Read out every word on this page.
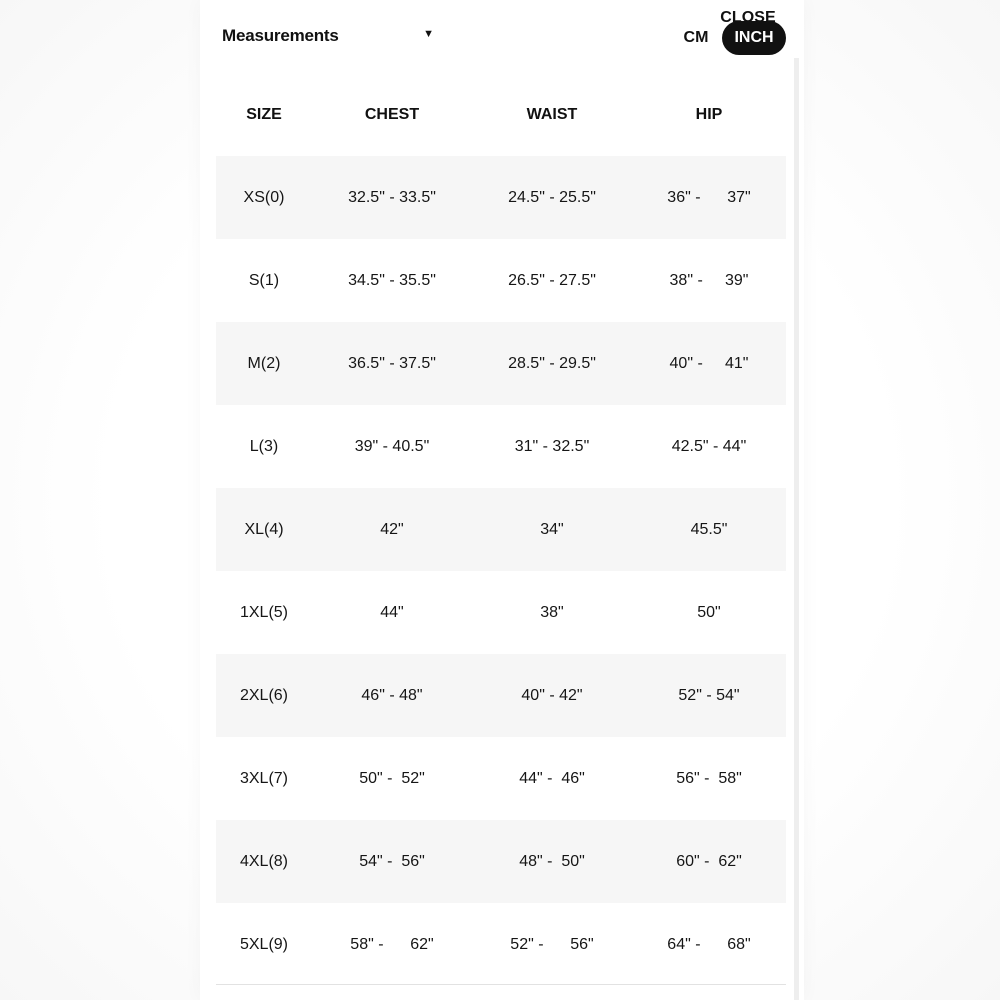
Measurements	▼	CM	INCH
CLOSE
SIZE	CHEST	WAIST	HIP
XS(0)	32.5" - 33.5"	24.5" - 25.5"	36" -      37"
S(1)	34.5" - 35.5"	26.5" - 27.5"	38" -     39"
M(2)	36.5" - 37.5"	28.5" - 29.5"	40" -     41"
L(3)	39" - 40.5"	31" - 32.5"	42.5" - 44"
XL(4)	42"	34"	45.5"
1XL(5)	44"	38"	50"
2XL(6)	46" - 48"	40" - 42"	52" - 54"
3XL(7)	50" -  52"	44" -  46"	56" -  58"
4XL(8)	54" -  56"	48" -  50"	60" -  62"
5XL(9)	58" -      62"	52" -      56"	64" -      68"
